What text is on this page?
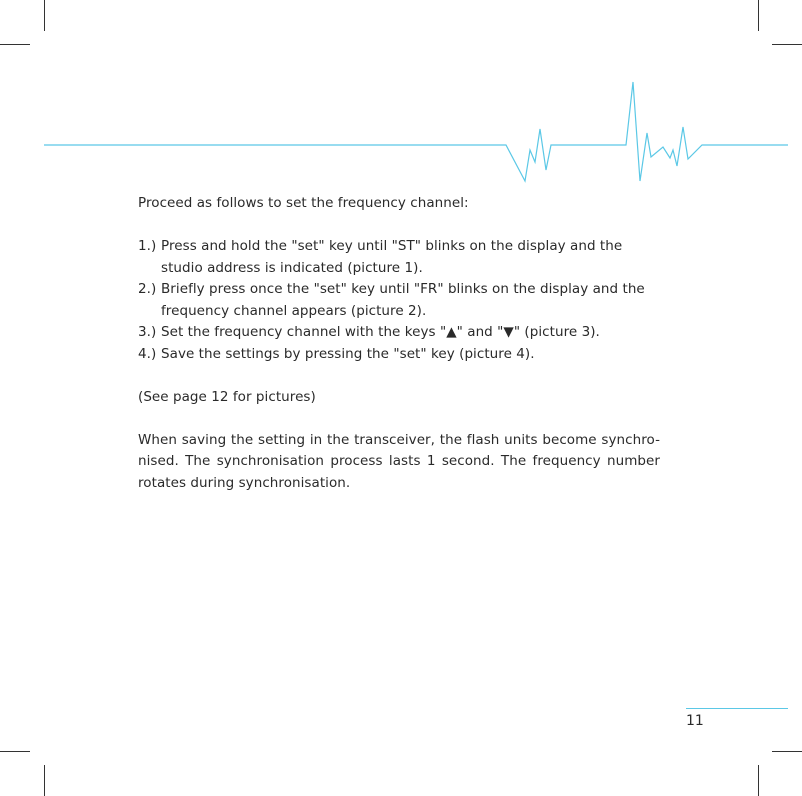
Proceed as follows to set the frequency channel:

1.) Press and hold the "set" key until "ST" blinks on the display and the studio address is indicated (picture 1).
2.) Briefly press once the "set" key until "FR" blinks on the display and the frequency channel appears (picture 2).
3.) Set the frequency channel with the keys "▲" and "▼" (picture 3).
4.) Save the settings by pressing the "set" key (picture 4).

(See page 12 for pictures)

When saving the setting in the transceiver, the flash units become synchro-nised. The synchronisation process lasts 1 second. The frequency number rotates during synchronisation.

11
